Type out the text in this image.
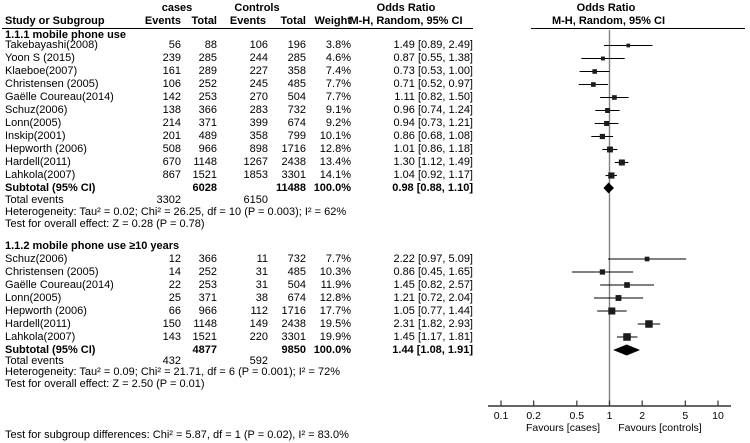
cases	Controls	Odds Ratio	Odds Ratio
Study or Subgroup	Events Total	Events	Total Weight
M-H, Random, 95% CI	M-H, Random, 95% CI
1.1.1 mobile phone use
Takebayashi(2008)	56	88	106	196	3.8%	1.49 [0.89, 2.49]
Yoon S (2015)	239	285	244	285	4.6%	0.87 [0.55, 1.38]
Klaeboe(2007)	161	289	227	358	7.4%	0.73 [0.53, 1.00]
Christensen (2005)	106	252	245	485	7.7%	0.71 [0.52, 0.97]
Gaëlle Coureau(2014)	142	253	270	504	7.7%	1.11 [0.82, 1.50]
Schuz(2006)	138	366	283	732	9.1%	0.96 [0.74, 1.24]
Lonn(2005)	214	371	399	674	9.2%	0.94 [0.73, 1.21]
Inskip(2001)	201	489	358	799	10.1%	0.86 [0.68, 1.08]
Hepworth (2006)	508	966	898	1716	12.8%	1.01 [0.86, 1.18]
Hardell(2011)	670	1148	1267	2438	13.4%	1.30 [1.12, 1.49]
Lahkola(2007)	867	1521	1853	3301	14.1%	1.04 [0.92, 1.17]
Subtotal (95% CI)	6028	11488 100.0%	0.98 [0.88, 1.10]
Total events	3302	6150
Heterogeneity: Tau² = 0.02; Chi² = 26.25, df = 10 (P = 0.003); I² = 62%
Test for overall effect: Z = 0.28 (P = 0.78)
1.1.2 mobile phone use ≥10 years
Schuz(2006)	12	366	11	732	7.7%	2.22 [0.97, 5.09]
Christensen (2005)	14	252	31	485	10.3%	0.86 [0.45, 1.65]
Gaëlle Coureau(2014)	22	253	31	504	11.9%	1.45 [0.82, 2.57]
Lonn(2005)	25	371	38	674	12.8%	1.21 [0.72, 2.04]
Hepworth (2006)	66	966	112	1716	17.7%	1.05 [0.77, 1.44]
Hardell(2011)	150	1148	149	2438	19.5%	2.31 [1.82, 2.93]
Lahkola(2007)	143	1521	220	3301	19.9%	1.45 [1.17, 1.81]
Subtotal (95% CI)	4877	9850 100.0%	1.44 [1.08, 1.91]
Total events	432	592
Heterogeneity: Tau² = 0.09; Chi² = 21.71, df = 6 (P = 0.001); I² = 72%
Test for overall effect: Z = 2.50 (P = 0.01)
0.1 0.2	0.5 1	2	5 10
Favours [cases] Favours [controls]
Test for subgroup differences: Chi² = 5.87, df = 1 (P = 0.02), I² = 83.0%
